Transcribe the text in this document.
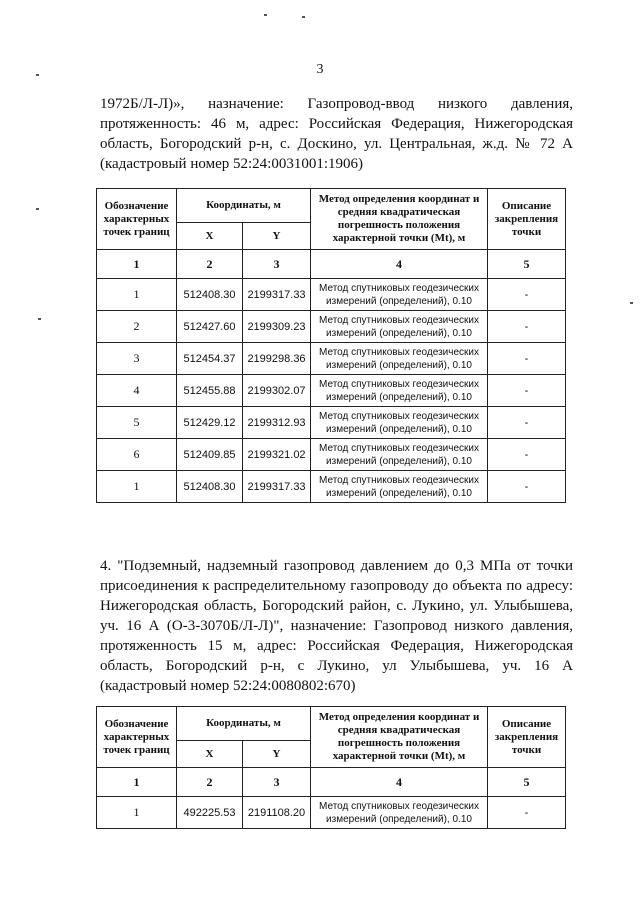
3

1972Б/Л-Л)», назначение: Газопровод-ввод низкого давления, протяженность: 46 м, адрес: Российская Федерация, Нижегородская область, Богородский р-н, с. Доскино, ул. Центральная, ж.д. № 72 А (кадастровый номер 52:24:0031001:1906)

Обозначение характерных точек границ	Координаты, м		Метод определения координат и средняя квадратическая погрешность положения характерной точки (Mt), м	Описание закрепления точки
	X	Y		
1	2	3	4	5
1	512408.30	2199317.33	Метод спутниковых геодезических измерений (определений), 0.10	-
2	512427.60	2199309.23	Метод спутниковых геодезических измерений (определений), 0.10	-
3	512454.37	2199298.36	Метод спутниковых геодезических измерений (определений), 0.10	-
4	512455.88	2199302.07	Метод спутниковых геодезических измерений (определений), 0.10	-
5	512429.12	2199312.93	Метод спутниковых геодезических измерений (определений), 0.10	-
6	512409.85	2199321.02	Метод спутниковых геодезических измерений (определений), 0.10	-
1	512408.30	2199317.33	Метод спутниковых геодезических измерений (определений), 0.10	-

4. "Подземный, надземный газопровод давлением до 0,3 МПа от точки присоединения к распределительному газопроводу до объекта по адресу: Нижегородская область, Богородский район, с. Лукино, ул. Улыбышева, уч. 16 А (О-3-3070Б/Л-Л)", назначение: Газопровод низкого давления, протяженность 15 м, адрес: Российская Федерация, Нижегородская область, Богородский р-н, с Лукино, ул Улыбышева, уч. 16 А (кадастровый номер 52:24:0080802:670)

Обозначение характерных точек границ	Координаты, м		Метод определения координат и средняя квадратическая погрешность положения характерной точки (Mt), м	Описание закрепления точки
	X	Y		
1	2	3	4	5
1	492225.53	2191108.20	Метод спутниковых геодезических измерений (определений), 0.10	-
